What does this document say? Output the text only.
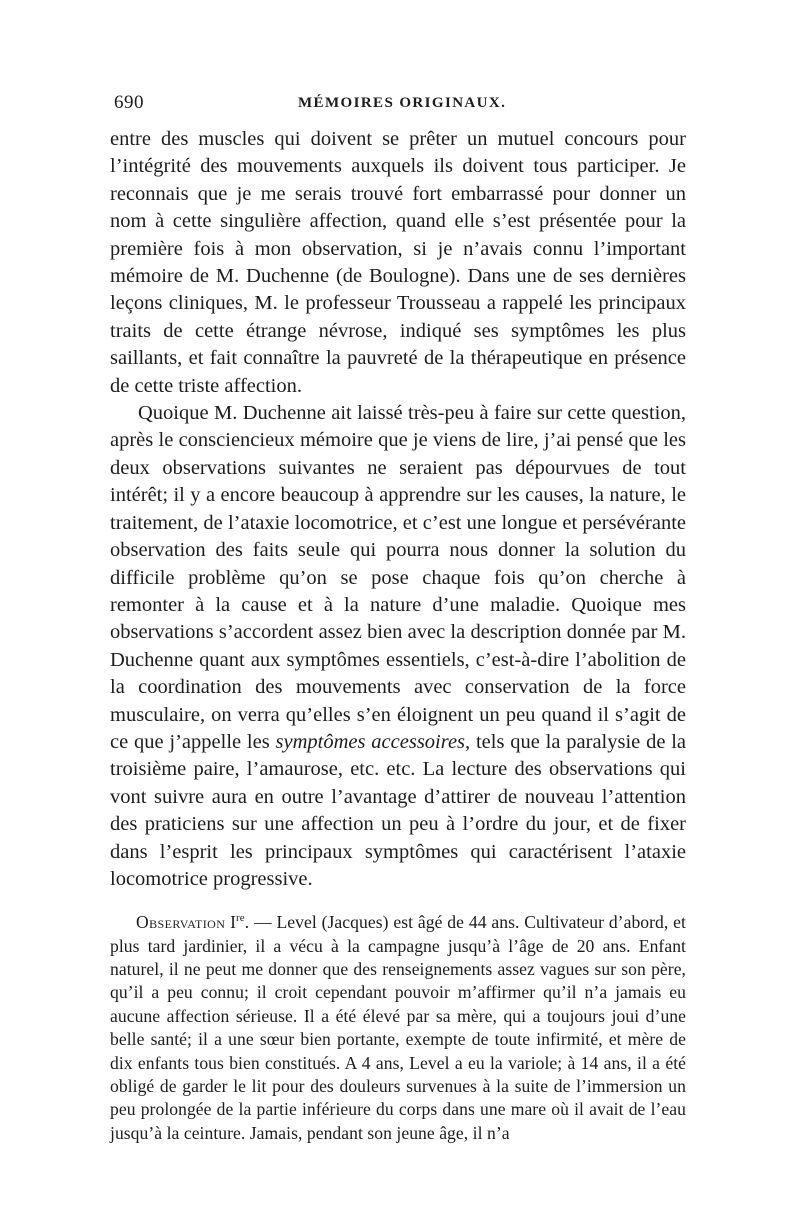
690	MÉMOIRES ORIGINAUX.

entre des muscles qui doivent se prêter un mutuel concours pour l’intégrité des mouvements auxquels ils doivent tous participer. Je reconnais que je me serais trouvé fort embarrassé pour donner un nom à cette singulière affection, quand elle s’est présentée pour la première fois à mon observation, si je n’avais connu l’important mémoire de M. Duchenne (de Boulogne). Dans une de ses dernières leçons cliniques, M. le professeur Trousseau a rappelé les principaux traits de cette étrange névrose, indiqué ses symptômes les plus saillants, et fait connaître la pauvreté de la thérapeutique en présence de cette triste affection.

Quoique M. Duchenne ait laissé très-peu à faire sur cette question, après le consciencieux mémoire que je viens de lire, j’ai pensé que les deux observations suivantes ne seraient pas dépourvues de tout intérêt; il y a encore beaucoup à apprendre sur les causes, la nature, le traitement, de l’ataxie locomotrice, et c’est une longue et persévérante observation des faits seule qui pourra nous donner la solution du difficile problème qu’on se pose chaque fois qu’on cherche à remonter à la cause et à la nature d’une maladie. Quoique mes observations s’accordent assez bien avec la description donnée par M. Duchenne quant aux symptômes essentiels, c’est-à-dire l’abolition de la coordination des mouvements avec conservation de la force musculaire, on verra qu’elles s’en éloignent un peu quand il s’agit de ce que j’appelle les symptômes accessoires, tels que la paralysie de la troisième paire, l’amaurose, etc. etc. La lecture des observations qui vont suivre aura en outre l’avantage d’attirer de nouveau l’attention des praticiens sur une affection un peu à l’ordre du jour, et de fixer dans l’esprit les principaux symptômes qui caractérisent l’ataxie locomotrice progressive.

Observation Ire. — Level (Jacques) est âgé de 44 ans. Cultivateur d’abord, et plus tard jardinier, il a vécu à la campagne jusqu’à l’âge de 20 ans. Enfant naturel, il ne peut me donner que des renseignements assez vagues sur son père, qu’il a peu connu; il croit cependant pouvoir m’affirmer qu’il n’a jamais eu aucune affection sérieuse. Il a été élevé par sa mère, qui a toujours joui d’une belle santé; il a une sœur bien portante, exempte de toute infirmité, et mère de dix enfants tous bien constitués. A 4 ans, Level a eu la variole; à 14 ans, il a été obligé de garder le lit pour des douleurs survenues à la suite de l’immersion un peu prolongée de la partie inférieure du corps dans une mare où il avait de l’eau jusqu’à la ceinture. Jamais, pendant son jeune âge, il n’a
